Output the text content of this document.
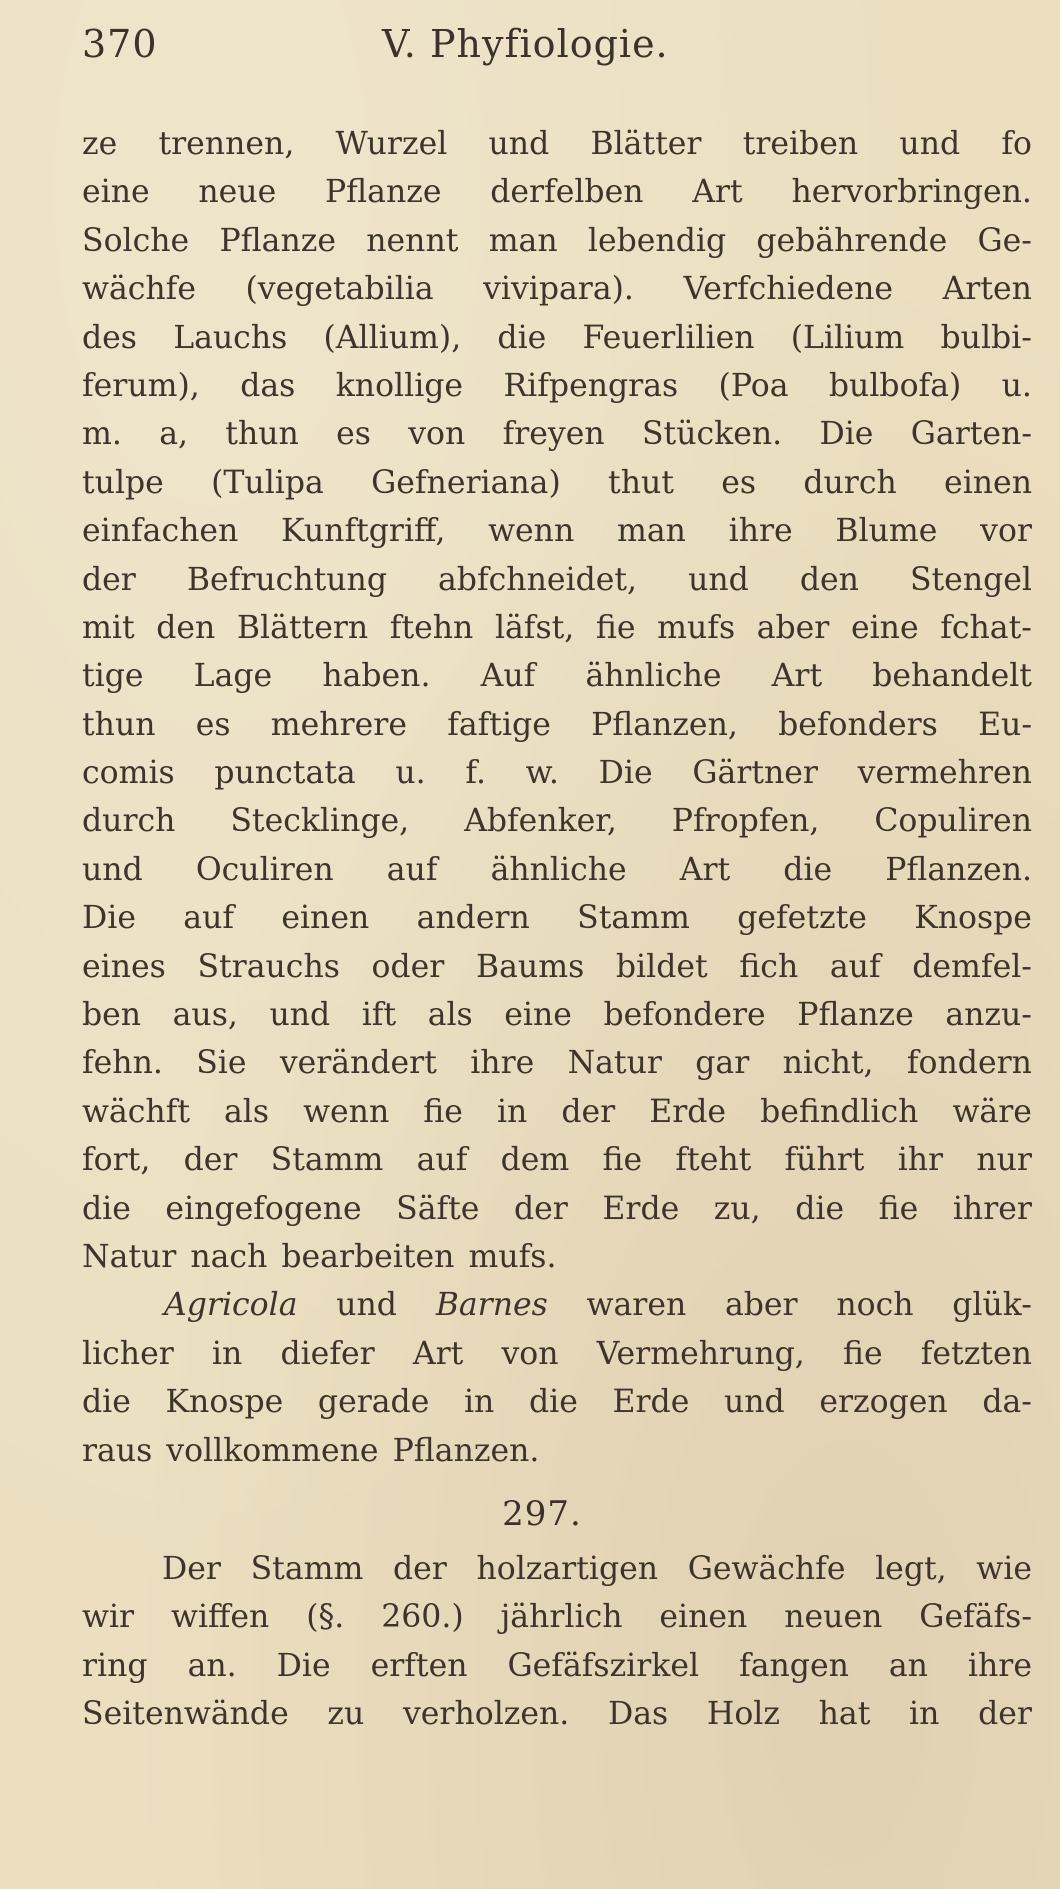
370	V. Phyfiologie.
ze trennen, Wurzel und Blätter treiben und fo
eine neue Pflanze derfelben Art hervorbringen.
Solche Pflanze nennt man lebendig gebährende Ge-
wächfe (vegetabilia vivipara). Verfchiedene Arten
des Lauchs (Allium), die Feuerlilien (Lilium bulbi-
ferum), das knollige Rifpengras (Poa bulbofa) u.
m. a, thun es von freyen Stücken. Die Garten-
tulpe (Tulipa Gefneriana) thut es durch einen
einfachen Kunftgriff, wenn man ihre Blume vor
der Befruchtung abfchneidet, und den Stengel
mit den Blättern ftehn läfst, fie mufs aber eine fchat-
tige Lage haben. Auf ähnliche Art behandelt
thun es mehrere faftige Pflanzen, befonders Eu-
comis punctata u. f. w. Die Gärtner vermehren
durch Stecklinge, Abfenker, Pfropfen, Copuliren
und Oculiren auf ähnliche Art die Pflanzen.
Die auf einen andern Stamm gefetzte Knospe
eines Strauchs oder Baums bildet fich auf demfel-
ben aus, und ift als eine befondere Pflanze anzu-
fehn. Sie verändert ihre Natur gar nicht, fondern
wächft als wenn fie in der Erde befindlich wäre
fort, der Stamm auf dem fie fteht führt ihr nur
die eingefogene Säfte der Erde zu, die fie ihrer
Natur nach bearbeiten mufs.
Agricola und Barnes waren aber noch glük-
licher in diefer Art von Vermehrung, fie fetzten
die Knospe gerade in die Erde und erzogen da-
raus vollkommene Pflanzen.
297.
Der Stamm der holzartigen Gewächfe legt, wie
wir wiffen (§. 260.) jährlich einen neuen Gefäfs-
ring an. Die erften Gefäfszirkel fangen an ihre
Seitenwände zu verholzen. Das Holz hat in der
